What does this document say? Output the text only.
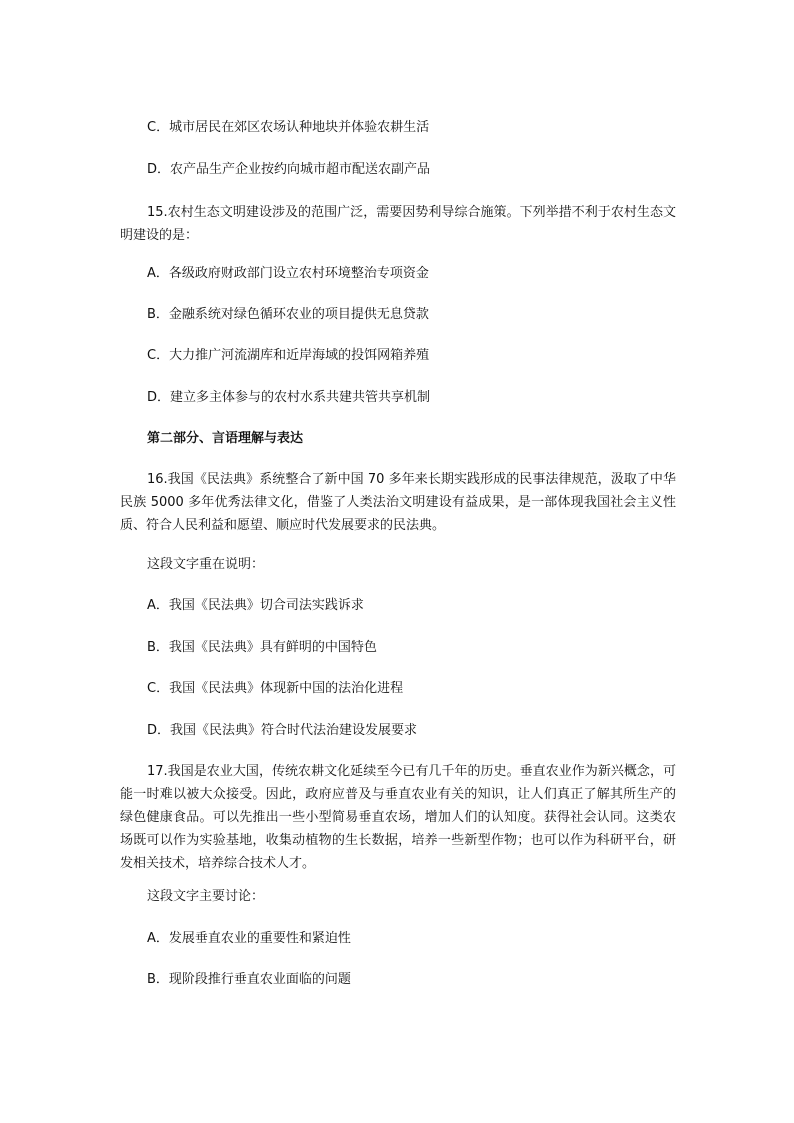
C．城市居民在郊区农场认种地块并体验农耕生活
D．农产品生产企业按约向城市超市配送农副产品
15.农村生态文明建设涉及的范围广泛，需要因势利导综合施策。下列举措不利于农村生态文明建设的是：
A．各级政府财政部门设立农村环境整治专项资金
B．金融系统对绿色循环农业的项目提供无息贷款
C．大力推广河流湖库和近岸海域的投饵网箱养殖
D．建立多主体参与的农村水系共建共管共享机制
第二部分、言语理解与表达
16.我国《民法典》系统整合了新中国 70 多年来长期实践形成的民事法律规范，汲取了中华民族 5000 多年优秀法律文化，借鉴了人类法治文明建设有益成果，是一部体现我国社会主义性质、符合人民利益和愿望、顺应时代发展要求的民法典。
这段文字重在说明：
A．我国《民法典》切合司法实践诉求
B．我国《民法典》具有鲜明的中国特色
C．我国《民法典》体现新中国的法治化进程
D．我国《民法典》符合时代法治建设发展要求
17.我国是农业大国，传统农耕文化延续至今已有几千年的历史。垂直农业作为新兴概念，可能一时难以被大众接受。因此，政府应普及与垂直农业有关的知识，让人们真正了解其所生产的绿色健康食品。可以先推出一些小型简易垂直农场，增加人们的认知度。获得社会认同。这类农场既可以作为实验基地，收集动植物的生长数据，培养一些新型作物；也可以作为科研平台，研发相关技术，培养综合技术人才。
这段文字主要讨论：
A．发展垂直农业的重要性和紧迫性
B．现阶段推行垂直农业面临的问题
